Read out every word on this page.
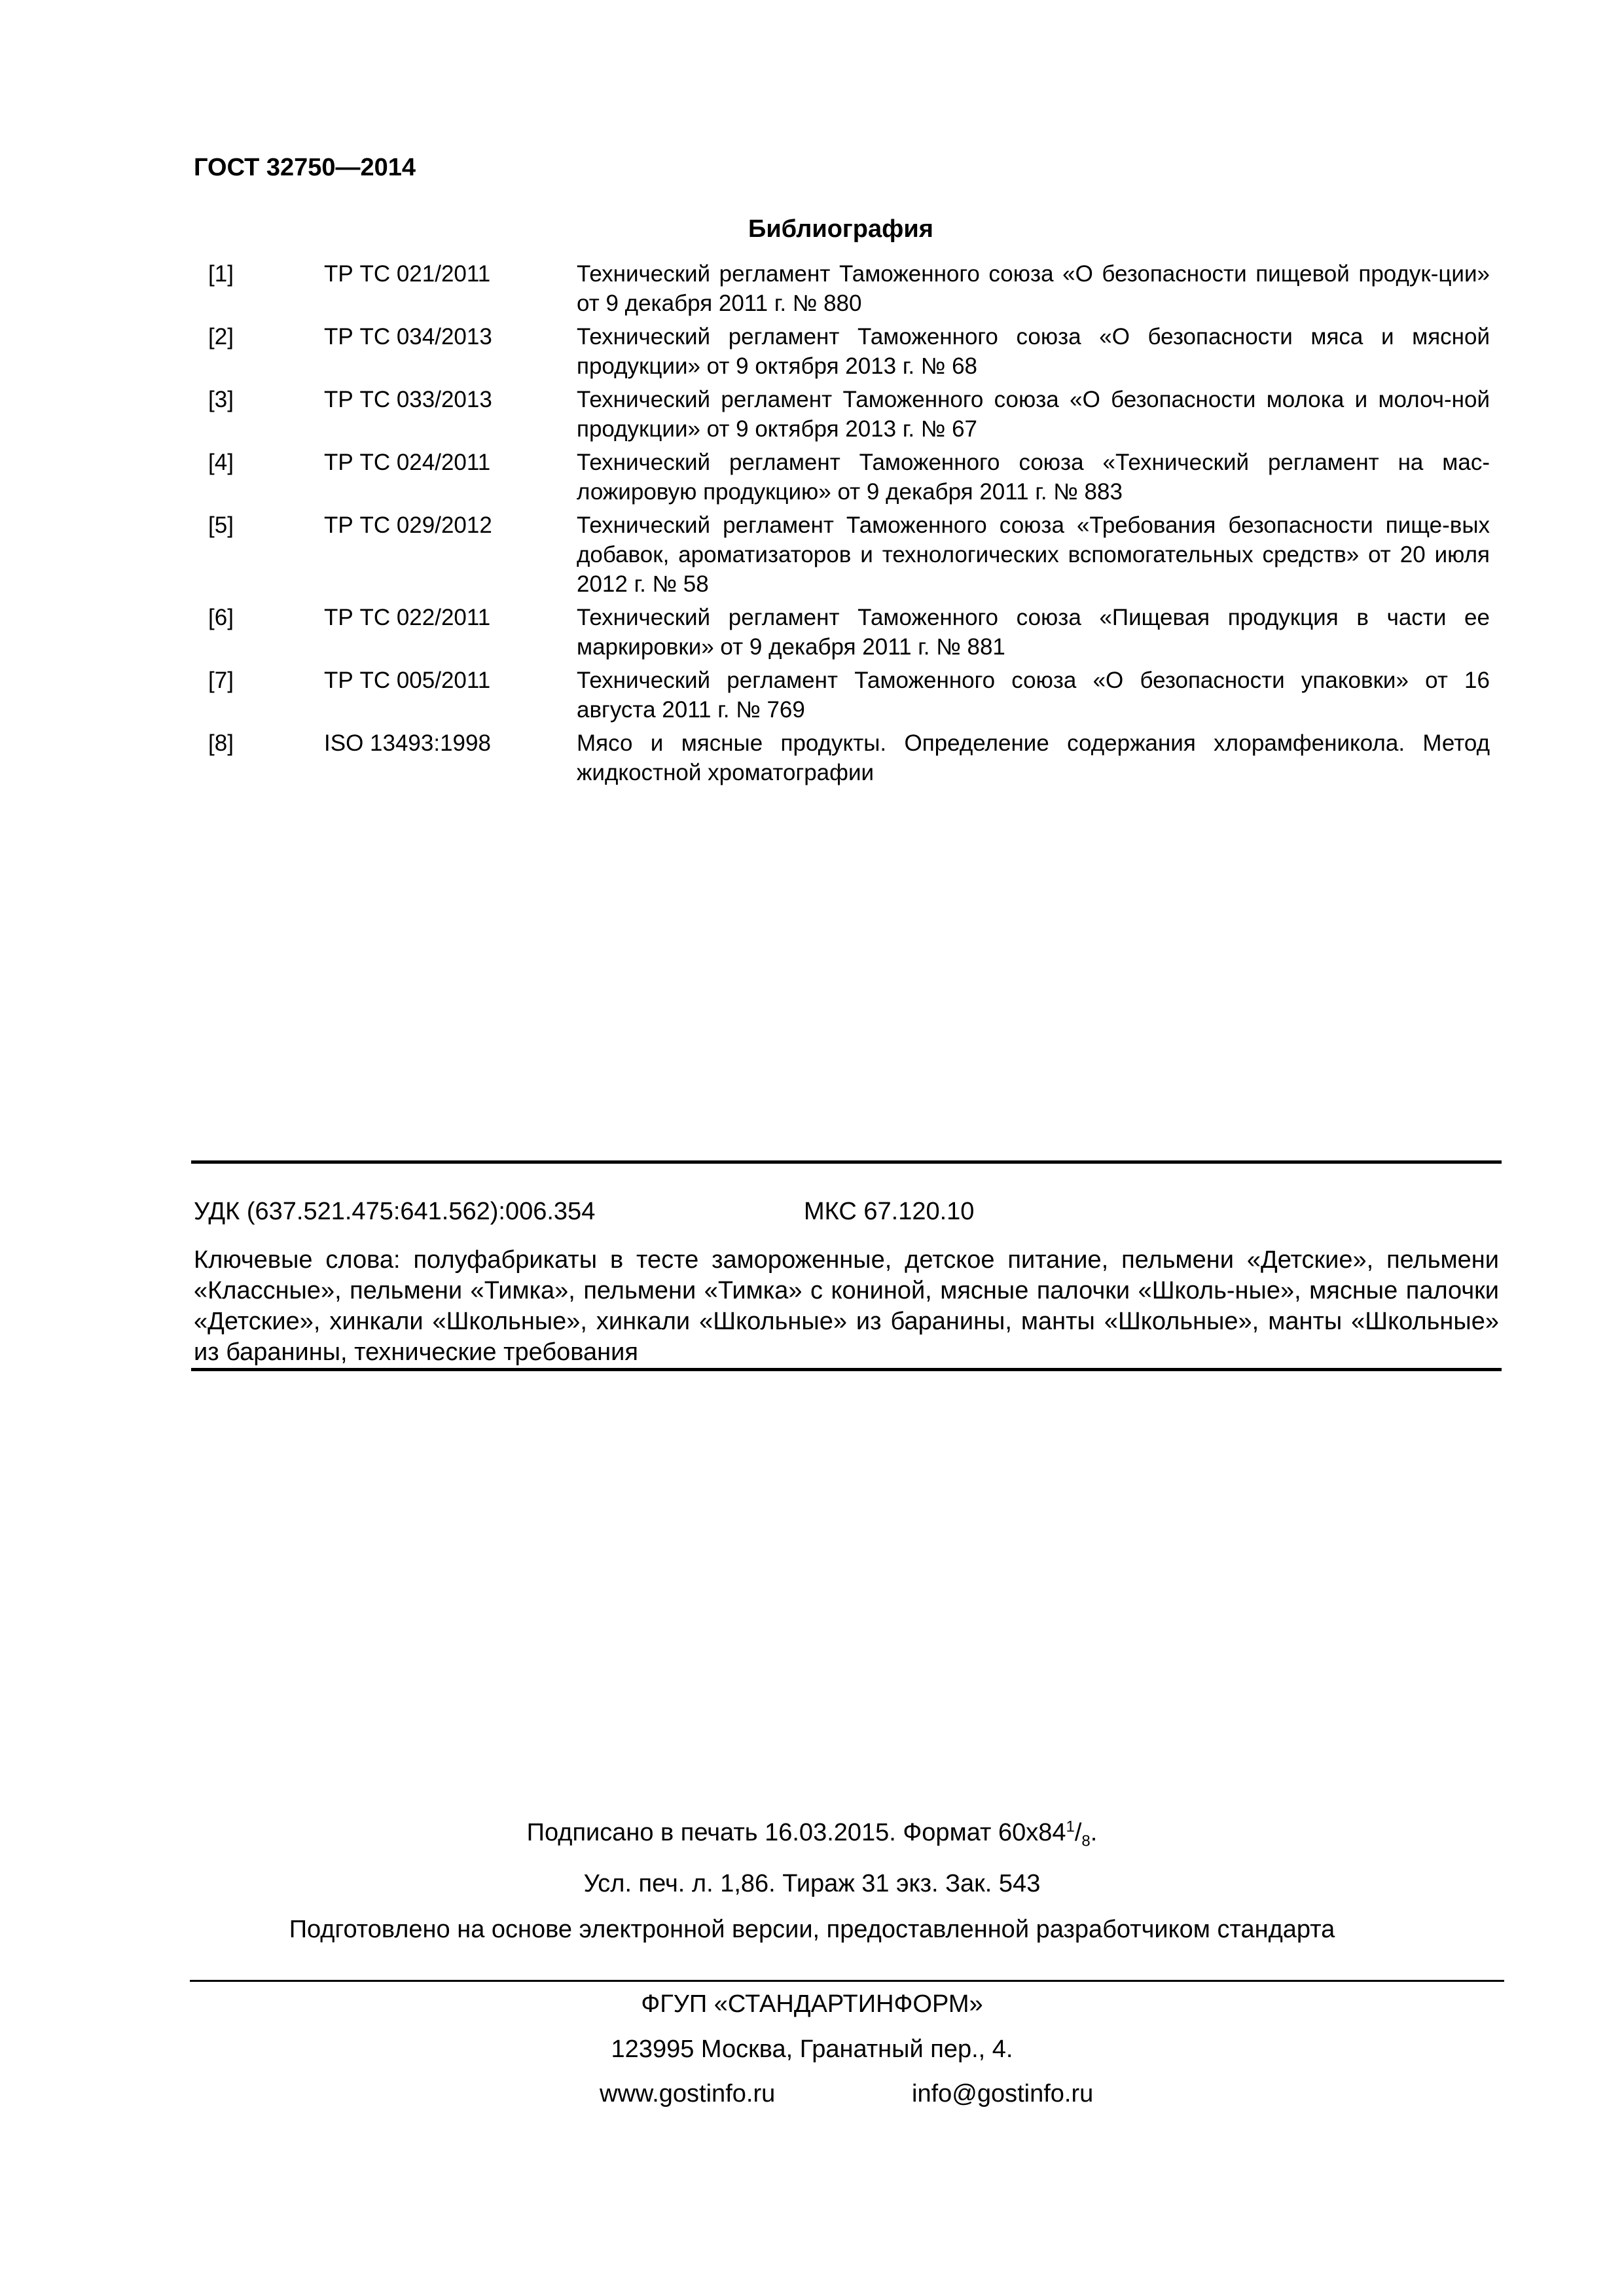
ГОСТ 32750—2014
Библиография
[1]	ТР ТС 021/2011	Технический регламент Таможенного союза «О безопасности пищевой продук-ции» от 9 декабря 2011 г. № 880
[2]	ТР ТС 034/2013	Технический регламент Таможенного союза «О безопасности мяса и мясной продукции» от 9 октября 2013 г. № 68
[3]	ТР ТС 033/2013	Технический регламент Таможенного союза «О безопасности молока и молоч-ной продукции» от 9 октября 2013 г. № 67
[4]	ТР ТС 024/2011	Технический регламент Таможенного союза «Технический регламент на мас-ложировую продукцию» от 9 декабря 2011 г. № 883
[5]	ТР ТС 029/2012	Технический регламент Таможенного союза «Требования безопасности пище-вых добавок, ароматизаторов и технологических вспомогательных средств» от 20 июля 2012 г. № 58
[6]	ТР ТС 022/2011	Технический регламент Таможенного союза «Пищевая продукция в части ее маркировки» от 9 декабря 2011 г. № 881
[7]	ТР ТС 005/2011	Технический регламент Таможенного союза «О безопасности упаковки» от 16 августа 2011 г. № 769
[8]	ISO 13493:1998	Мясо и мясные продукты. Определение содержания хлорамфеникола. Метод жидкостной хроматографии
УДК (637.521.475:641.562):006.354	МКС 67.120.10
Ключевые слова: полуфабрикаты в тесте замороженные, детское питание, пельмени «Детские», пельмени «Классные», пельмени «Тимка», пельмени «Тимка» с кониной, мясные палочки «Школь-ные», мясные палочки «Детские», хинкали «Школьные», хинкали «Школьные» из баранины, манты «Школьные», манты «Школьные» из баранины, технические требования
Подписано в печать 16.03.2015. Формат $60x84^1/_8$.
Усл. печ. л. 1,86. Тираж 31 экз. Зак. 543
Подготовлено на основе электронной версии, предоставленной разработчиком стандарта
ФГУП «СТАНДАРТИНФОРМ»
123995 Москва, Гранатный пер., 4.
www.gostinfo.ru	info@gostinfo.ru
